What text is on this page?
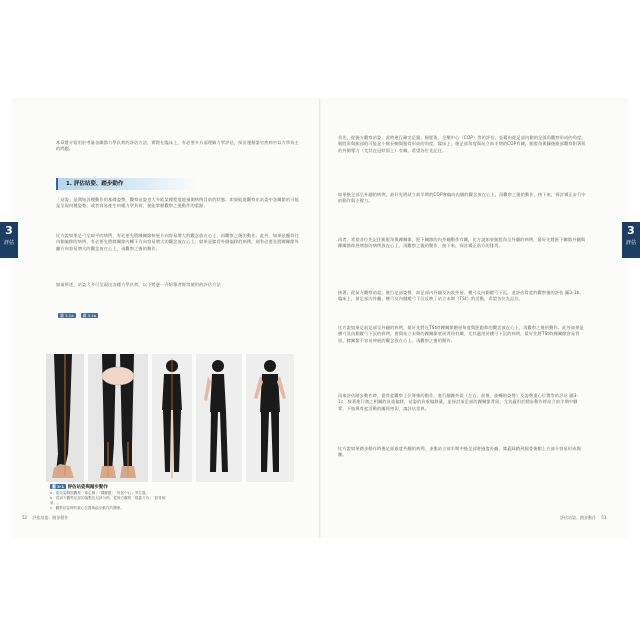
3
評估
3
評估

本章將介紹用於考量各關節力學負荷的評估方法，實際在臨床上，有必要多方面理解力學評估，探討運動器官疾病中以力學為主的問題。

1. 評估站姿、踏步動作

「站姿」是開始各種動作的基礎姿勢，觀察站姿也大多能某種程度地預測病例目前的狀態。如果能從觀察出站姿中各關節的可能是呈現何種姿勢，或者容易產生何種力學負荷，便能掌握觀察之後動作的重點。

比方說如果足弓呈扁平的病例，有必要先將踝關節伸展方向容易增大的觀念放在心上，再觀察之後的動作。此外，如果是髖骨往內側偏移的病例，有必要先將膝關節內轉下方向容易增大的觀念放在心上；如果是膝骨外側偏移的病例，則有必要先將踝關節外翻方向容易增大的觀念放在心上，再觀察之後的動作。

如前所述，站姿大多可呈現出各種力學負荷，以下將逐一介紹筆者經常使用的評估方法

圖 3-1a 圖 3-1b
圖 3-1 評估站姿與踏步動作
a：從站姿側面觀察「重心線」「踝關節」「骨盆中心」等位置。
b：從前方觀察足部的落點及足跡分佈，從後方觀察「膝蓋方向」「脛骨傾斜」。
c：觀察站姿時的重心位置與踏步動作的關係。
52 評估站姿、踏步動作

首先，從後方觀察站姿，此時進行確定足跟、腿脛角、足壓中心（COP）等的評估。並藉由從足部內側的足弧角觀察形成的角度，腿脛角與腿部的可能是小腿長軸與跟骨形成的角度，臨床上，後足部角度與站立前半期的COP有關，腿脛角與腳後跟部觀察附著肌的外側導力（尤其在冠狀面上）有關，希望各位先記住。

如果後足部呈外翻的病例，最好先將站立前半期的COP會偏向內側的觀念放在心上，再觀察之後的動作，接下來，探討矯正步行中的動作與支撐力。

再者，希望各位先記住腿脛角與踝關節，距下關節的內外翻動作有關，比方說如果腿脛角呈外翻的病例，最好先將距下關節外翻與踝關節伸展增加的病例放在心上，再觀察之後的動作，接下來，探討矯正前方的排列。

接著，從前方觀察站姿，進行足部姿勢、前足部內外翻及內收外展、橫弓及內側縱弓下沉，並評估骨盆的觀察後的評估 圖3-1b，臨床上，前足部內外翻、橫弓及內側縱弓下沉反映了站立末期（TSt）的活動，希望各位先記住。

比方說如果足前足部呈外翻的病例，最好先將在TSt時踝關節蹠屈角度與距跟仰的觀念放在心上，再觀察之後的動作。此外如果是橫弓及內側縱弓下沉的病例，會與站立末期的踝關節底屈背屈有關，尤其適用於橫弓下沉的病例，最好先將TSt時踝關節容易背屈，膝關節不容易伸展的觀念放在心上，再觀察之後的動作。

再來評估踏步動作時，從骨盆觀察上位脊椎的動作，進行腳踝外旋（左右、前後、旋轉的姿勢）及姿勢重心位置等的評估 圖3-1c，接著進行踏之相關的負重偏移，站姿的負重偏移量，並探討前足部的踝關節背屈，尤其適用於踏步動作時站立前半期中腳掌，下肢與骨盆活動的關係密切，請評估差異。

比方說如果踏步動作時後足部過度外翻的病例，步態站立前半期中後足部會過度外翻，膝蓋踩踏到腿骨後側上方部分容易形成與踝。

評估站姿、踏步動作 53
